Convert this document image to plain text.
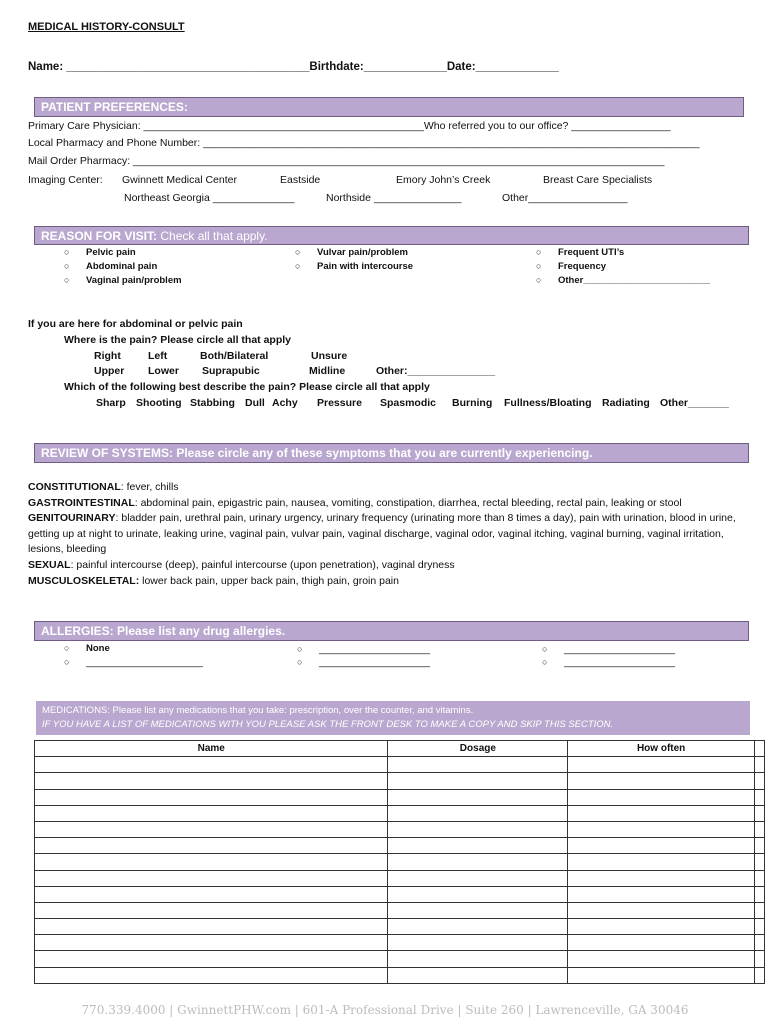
MEDICAL HISTORY-CONSULT
Name: ______________________________________Birthdate:_____________Date:_____________
PATIENT PREFERENCES:
Primary Care Physician: ________________________________________________Who referred you to our office? _________________
Local Pharmacy and Phone Number: _____________________________________________________________________________________
Mail Order Pharmacy: ___________________________________________________________________________________________
Imaging Center: Gwinnett Medical Center	Eastside	Emory John’s Creek	Breast Care Specialists
Northeast Georgia ______________	Northside _______________	Other_________________
REASON FOR VISIT: Check all that apply.
○ Pelvic pain
○ Abdominal pain
○ Vaginal pain/problem
○ Vulvar pain/problem
○ Pain with intercourse
○ Frequent UTI’s
○ Frequency
○ Other________________________
If you are here for abdominal or pelvic pain
Where is the pain? Please circle all that apply
Right	Left	Both/Bilateral	Unsure
Upper Lower Suprapubic	Midline	Other:_______________
Which of the following best describe the pain? Please circle all that apply
Sharp Shooting Stabbing Dull Achy Pressure Spasmodic Burning Fullness/Bloating Radiating Other_______
REVIEW OF SYSTEMS: Please circle any of these symptoms that you are currently experiencing.
CONSTITUTIONAL: fever, chills
GASTROINTESTINAL: abdominal pain, epigastric pain, nausea, vomiting, constipation, diarrhea, rectal bleeding, rectal pain, leaking or stool
GENITOURINARY: bladder pain, urethral pain, urinary urgency, urinary frequency (urinating more than 8 times a day), pain with urination, blood in urine, getting up at night to urinate, leaking urine, vaginal pain, vulvar pain, vaginal discharge, vaginal odor, vaginal itching, vaginal burning, vaginal irritation, lesions, bleeding
SEXUAL: painful intercourse (deep), painful intercourse (upon penetration), vaginal dryness
MUSCULOSKELETAL: lower back pain, upper back pain, thigh pain, groin pain
ALLERGIES: Please list any drug allergies.
○ None
○ ____________________
○ ___________________
○ ___________________
○ ___________________
○ ___________________
MEDICATIONS: Please list any medications that you take: prescription, over the counter, and vitamins.
IF YOU HAVE A LIST OF MEDICATIONS WITH YOU PLEASE ASK THE FRONT DESK TO MAKE A COPY AND SKIP THIS SECTION.
Name	Dosage	How often	

770.339.4000 | GwinnettPHW.com | 601-A Professional Drive | Suite 260 | Lawrenceville, GA 30046
